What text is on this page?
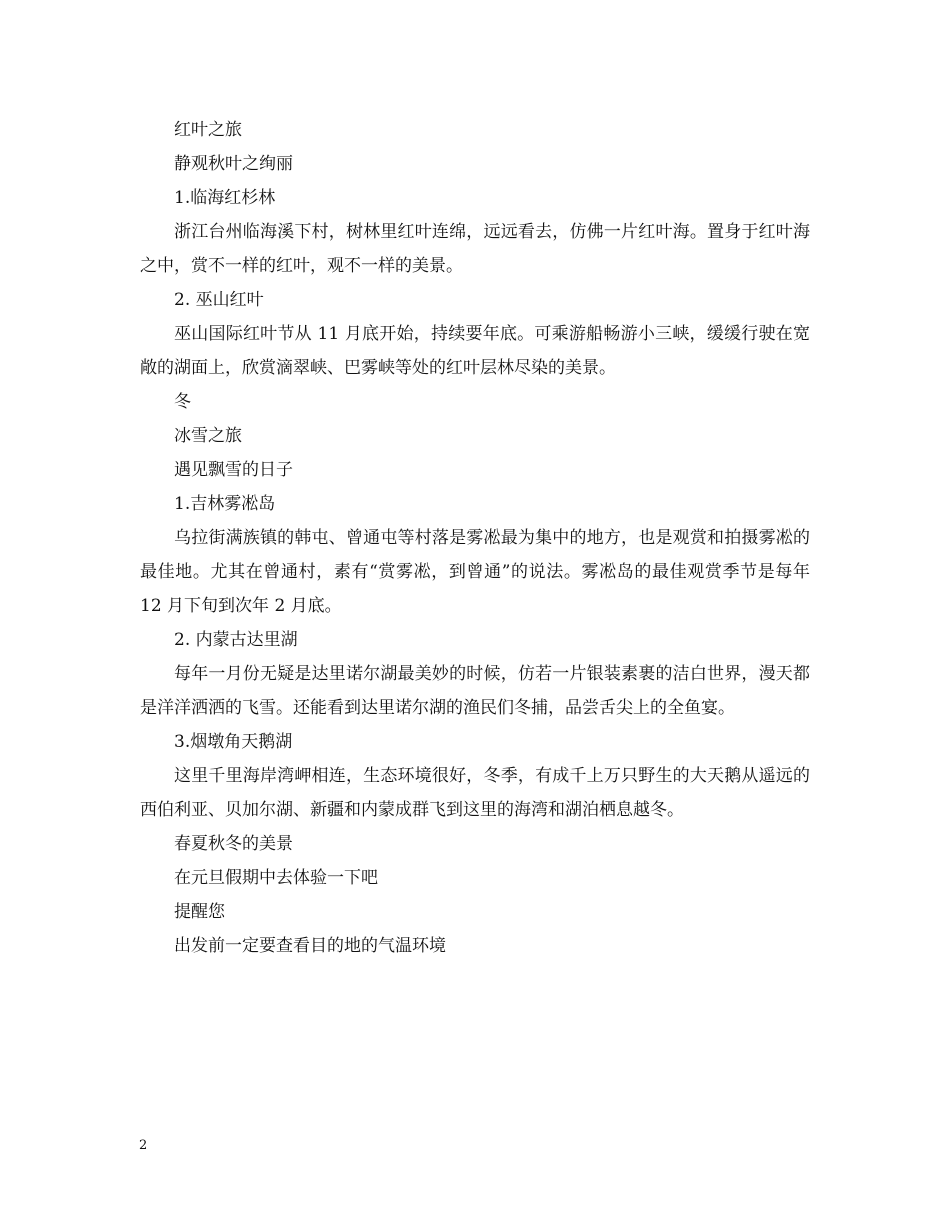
红叶之旅

静观秋叶之绚丽

1.临海红杉林

浙江台州临海溪下村，树林里红叶连绵，远远看去，仿佛一片红叶海。置身于红叶海之中，赏不一样的红叶，观不一样的美景。

2. 巫山红叶

巫山国际红叶节从 11 月底开始，持续要年底。可乘游船畅游小三峡，缓缓行驶在宽敞的湖面上，欣赏滴翠峡、巴雾峡等处的红叶层林尽染的美景。

冬

冰雪之旅

遇见飘雪的日子

1.吉林雾凇岛

乌拉街满族镇的韩屯、曾通屯等村落是雾凇最为集中的地方，也是观赏和拍摄雾凇的最佳地。尤其在曾通村，素有“赏雾凇，到曾通”的说法。雾凇岛的最佳观赏季节是每年 12 月下旬到次年 2 月底。

2. 内蒙古达里湖

每年一月份无疑是达里诺尔湖最美妙的时候，仿若一片银装素裹的洁白世界，漫天都是洋洋洒洒的飞雪。还能看到达里诺尔湖的渔民们冬捕，品尝舌尖上的全鱼宴。

3.烟墩角天鹅湖

这里千里海岸湾岬相连，生态环境很好，冬季，有成千上万只野生的大天鹅从遥远的西伯利亚、贝加尔湖、新疆和内蒙成群飞到这里的海湾和湖泊栖息越冬。

春夏秋冬的美景

在元旦假期中去体验一下吧

提醒您

出发前一定要查看目的地的气温环境

2
